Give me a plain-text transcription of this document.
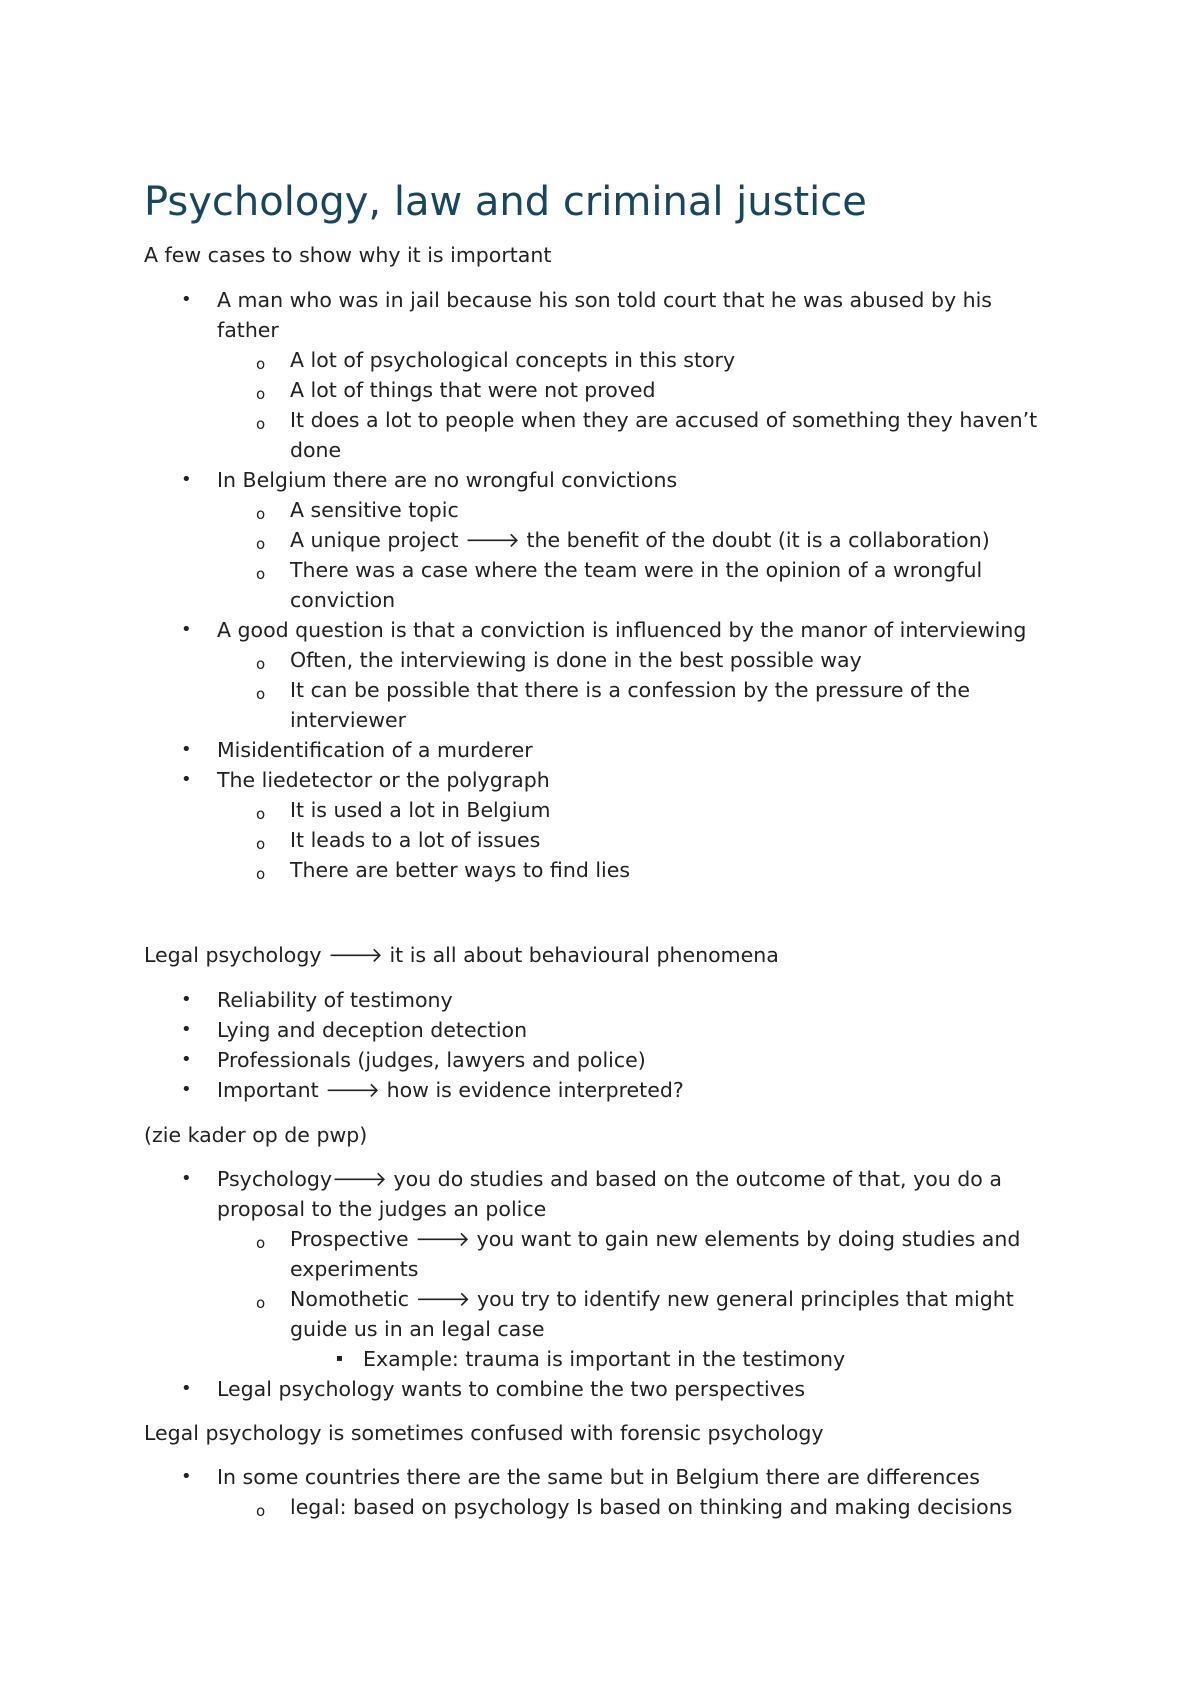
Psychology, law and criminal justice

A few cases to show why it is important

• A man who was in jail because his son told court that he was abused by his father
o A lot of psychological concepts in this story
o A lot of things that were not proved
o It does a lot to people when they are accused of something they haven’t done
• In Belgium there are no wrongful convictions
o A sensitive topic
o A unique project 🡒 the benefit of the doubt (it is a collaboration)
o There was a case where the team were in the opinion of a wrongful conviction
• A good question is that a conviction is influenced by the manor of interviewing
o Often, the interviewing is done in the best possible way
o It can be possible that there is a confession by the pressure of the interviewer
• Misidentification of a murderer
• The liedetector or the polygraph
o It is used a lot in Belgium
o It leads to a lot of issues
o There are better ways to find lies

Legal psychology 🡒 it is all about behavioural phenomena

• Reliability of testimony
• Lying and deception detection
• Professionals (judges, lawyers and police)
• Important 🡒 how is evidence interpreted?

(zie kader op de pwp)

• Psychology🡒 you do studies and based on the outcome of that, you do a proposal to the judges an police
o Prospective 🡒 you want to gain new elements by doing studies and experiments
o Nomothetic 🡒 you try to identify new general principles that might guide us in an legal case
▪ Example: trauma is important in the testimony
• Legal psychology wants to combine the two perspectives

Legal psychology is sometimes confused with forensic psychology

• In some countries there are the same but in Belgium there are differences
o legal: based on psychology Is based on thinking and making decisions
